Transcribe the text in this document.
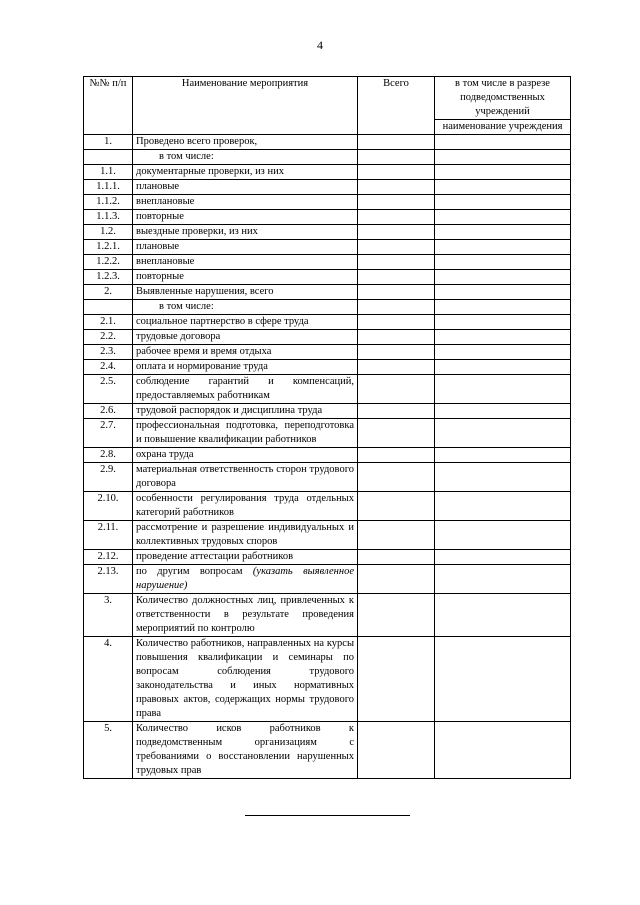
4
№№ п/п	Наименование мероприятия	Всего	в том числе в разрезе подведомственных учреждений
			наименование учреждения
1.	Проведено всего проверок,		
	в том числе:		
1.1.	документарные проверки, из них		
1.1.1.	плановые		
1.1.2.	внеплановые		
1.1.3.	повторные		
1.2.	выездные проверки, из них		
1.2.1.	плановые		
1.2.2.	внеплановые		
1.2.3.	повторные		
2.	Выявленные нарушения, всего		
	в том числе:		
2.1.	социальное партнерство в сфере труда		
2.2.	трудовые договора		
2.3.	рабочее время и время отдыха		
2.4.	оплата и нормирование труда		
2.5.	соблюдение гарантий и компенсаций, предоставляемых работникам		
2.6.	трудовой распорядок и дисциплина труда		
2.7.	профессиональная подготовка, переподготовка и повышение квалификации работников		
2.8.	охрана труда		
2.9.	материальная ответственность сторон трудового договора		
2.10.	особенности регулирования труда отдельных категорий работников		
2.11.	рассмотрение и разрешение индивидуальных и коллективных трудовых споров		
2.12.	проведение аттестации работников		
2.13.	по другим вопросам (указать выявленное нарушение)		
3.	Количество должностных лиц, привлеченных к ответственности в результате проведения мероприятий по контролю		
4.	Количество работников, направленных на курсы повышения квалификации и семинары по вопросам соблюдения трудового законодательства и иных нормативных правовых актов, содержащих нормы трудового права		
5.	Количество исков работников к подведомственным организациям с требованиями о восстановлении нарушенных трудовых прав		
